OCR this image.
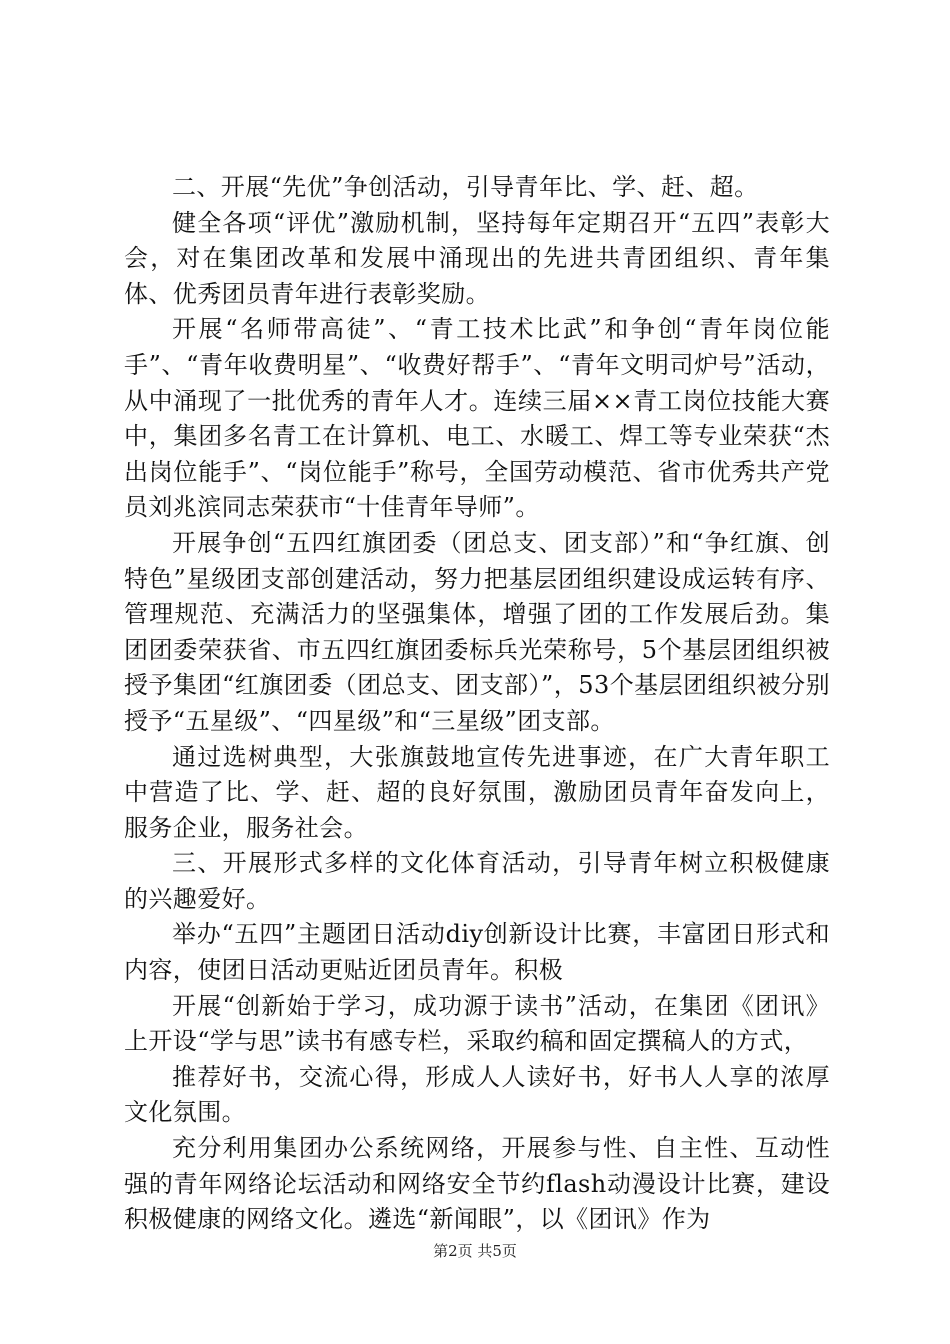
二、开展“先优”争创活动，引导青年比、学、赶、超。

健全各项“评优”激励机制，坚持每年定期召开“五四”表彰大会，对在集团改革和发展中涌现出的先进共青团组织、青年集体、优秀团员青年进行表彰奖励。

开展“名师带高徒”、“青工技术比武”和争创“青年岗位能手”、“青年收费明星”、“收费好帮手”、“青年文明司炉号”活动，从中涌现了一批优秀的青年人才。连续三届××青工岗位技能大赛中，集团多名青工在计算机、电工、水暖工、焊工等专业荣获“杰出岗位能手”、“岗位能手”称号，全国劳动模范、省市优秀共产党员刘兆滨同志荣获市“十佳青年导师”。

开展争创“五四红旗团委（团总支、团支部）”和“争红旗、创特色”星级团支部创建活动，努力把基层团组织建设成运转有序、管理规范、充满活力的坚强集体，增强了团的工作发展后劲。集团团委荣获省、市五四红旗团委标兵光荣称号，5个基层团组织被授予集团“红旗团委（团总支、团支部）”，53个基层团组织被分别授予“五星级”、“四星级”和“三星级”团支部。

通过选树典型，大张旗鼓地宣传先进事迹，在广大青年职工中营造了比、学、赶、超的良好氛围，激励团员青年奋发向上，服务企业，服务社会。

三、开展形式多样的文化体育活动，引导青年树立积极健康的兴趣爱好。

举办“五四”主题团日活动diy创新设计比赛，丰富团日形式和内容，使团日活动更贴近团员青年。积极

开展“创新始于学习，成功源于读书”活动，在集团《团讯》上开设“学与思”读书有感专栏，采取约稿和固定撰稿人的方式，

推荐好书，交流心得，形成人人读好书，好书人人享的浓厚文化氛围。

充分利用集团办公系统网络，开展参与性、自主性、互动性强的青年网络论坛活动和网络安全节约flash动漫设计比赛，建设积极健康的网络文化。遴选“新闻眼”，以《团讯》作为

第2页 共5页
